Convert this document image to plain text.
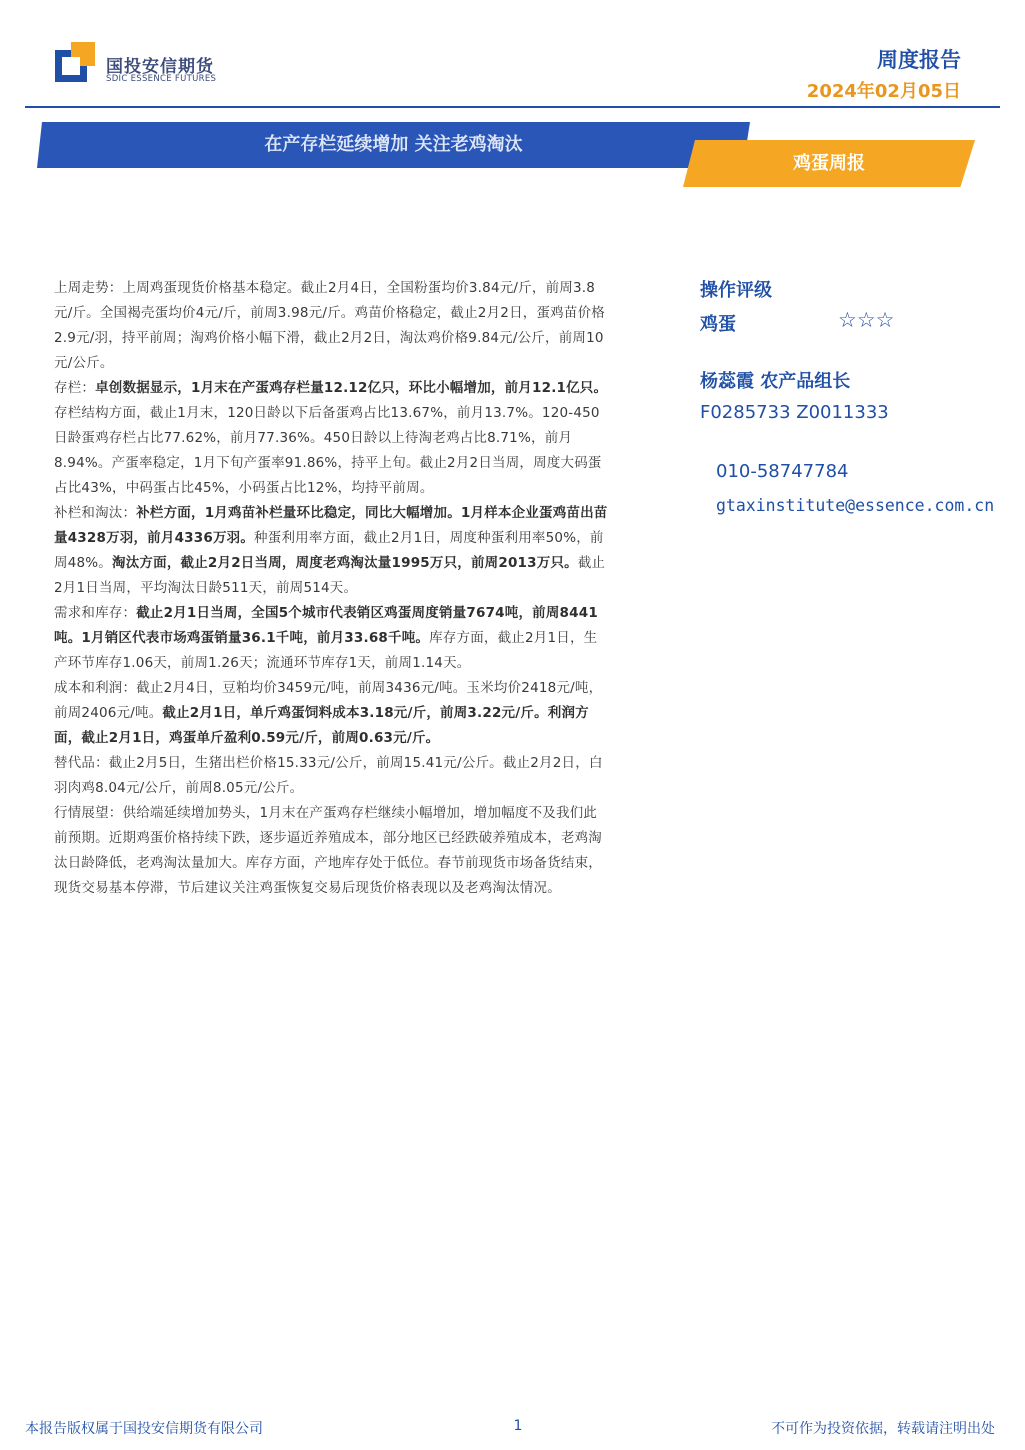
国投安信期货
SDIC ESSENCE FUTURES
周度报告
2024年02月05日
在产存栏延续增加 关注老鸡淘汰
鸡蛋周报

上周走势：上周鸡蛋现货价格基本稳定。截止2月4日，全国粉蛋均价3.84元/斤，前周3.8元/斤。全国褐壳蛋均价4元/斤，前周3.98元/斤。鸡苗价格稳定，截止2月2日，蛋鸡苗价格2.9元/羽，持平前周；淘鸡价格小幅下滑，截止2月2日，淘汰鸡价格9.84元/公斤，前周10元/公斤。

存栏：卓创数据显示，1月末在产蛋鸡存栏量12.12亿只，环比小幅增加，前月12.1亿只。存栏结构方面，截止1月末，120日龄以下后备蛋鸡占比13.67%，前月13.7%。120-450日龄蛋鸡存栏占比77.62%，前月77.36%。450日龄以上待淘老鸡占比8.71%，前月8.94%。产蛋率稳定，1月下旬产蛋率91.86%，持平上旬。截止2月2日当周，周度大码蛋占比43%，中码蛋占比45%，小码蛋占比12%，均持平前周。

补栏和淘汰：补栏方面，1月鸡苗补栏量环比稳定，同比大幅增加。1月样本企业蛋鸡苗出苗量4328万羽，前月4336万羽。种蛋利用率方面，截止2月1日，周度种蛋利用率50%，前周48%。淘汰方面，截止2月2日当周，周度老鸡淘汰量1995万只，前周2013万只。截止2月1日当周，平均淘汰日龄511天，前周514天。

需求和库存：截止2月1日当周，全国5个城市代表销区鸡蛋周度销量7674吨，前周8441吨。1月销区代表市场鸡蛋销量36.1千吨，前月33.68千吨。库存方面，截止2月1日，生产环节库存1.06天，前周1.26天；流通环节库存1天，前周1.14天。

成本和利润：截止2月4日，豆粕均价3459元/吨，前周3436元/吨。玉米均价2418元/吨，前周2406元/吨。截止2月1日，单斤鸡蛋饲料成本3.18元/斤，前周3.22元/斤。利润方面，截止2月1日，鸡蛋单斤盈利0.59元/斤，前周0.63元/斤。

替代品：截止2月5日，生猪出栏价格15.33元/公斤，前周15.41元/公斤。截止2月2日，白羽肉鸡8.04元/公斤，前周8.05元/公斤。

行情展望：供给端延续增加势头，1月末在产蛋鸡存栏继续小幅增加，增加幅度不及我们此前预期。近期鸡蛋价格持续下跌，逐步逼近养殖成本，部分地区已经跌破养殖成本，老鸡淘汰日龄降低，老鸡淘汰量加大。库存方面，产地库存处于低位。春节前现货市场备货结束，现货交易基本停滞，节后建议关注鸡蛋恢复交易后现货价格表现以及老鸡淘汰情况。

操作评级
鸡蛋	☆☆☆
杨蕊霞 农产品组长
F0285733 Z0011333
010-58747784
gtaxinstitute@essence.com.cn
本报告版权属于国投安信期货有限公司	1	不可作为投资依据，转载请注明出处
